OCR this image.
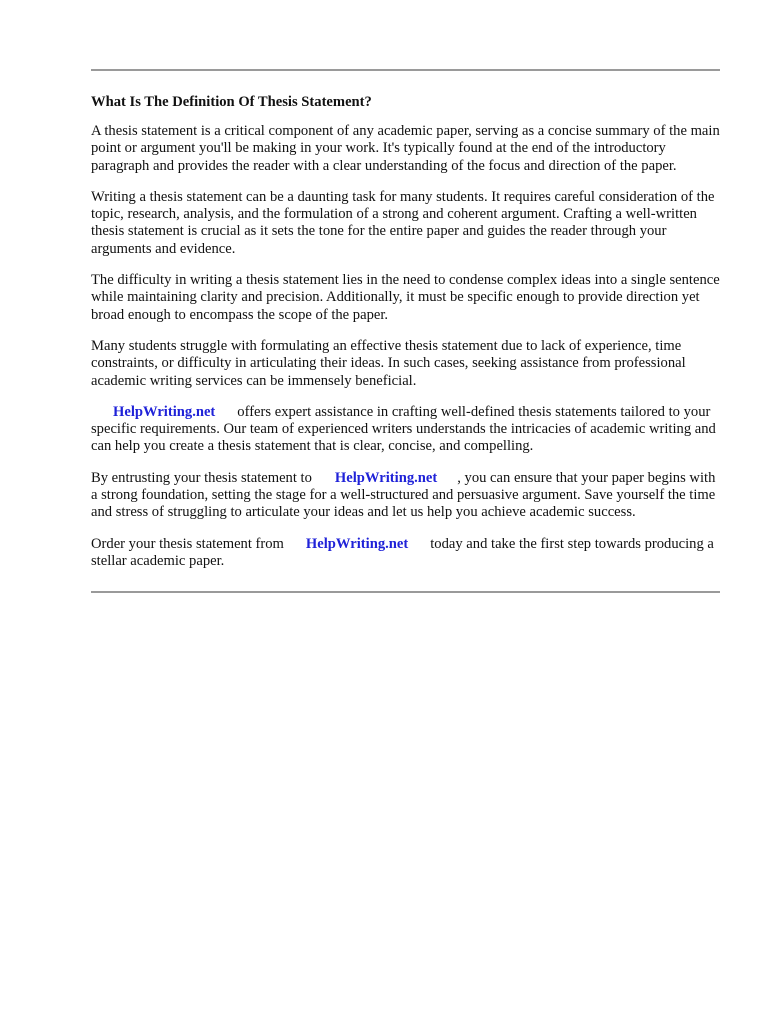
What Is The Definition Of Thesis Statement?

A thesis statement is a critical component of any academic paper, serving as a concise summary of the main point or argument you'll be making in your work. It's typically found at the end of the introductory paragraph and provides the reader with a clear understanding of the focus and direction of the paper.

Writing a thesis statement can be a daunting task for many students. It requires careful consideration of the topic, research, analysis, and the formulation of a strong and coherent argument. Crafting a well-written thesis statement is crucial as it sets the tone for the entire paper and guides the reader through your arguments and evidence.

The difficulty in writing a thesis statement lies in the need to condense complex ideas into a single sentence while maintaining clarity and precision. Additionally, it must be specific enough to provide direction yet broad enough to encompass the scope of the paper.

Many students struggle with formulating an effective thesis statement due to lack of experience, time constraints, or difficulty in articulating their ideas. In such cases, seeking assistance from professional academic writing services can be immensely beneficial.

HelpWriting.net offers expert assistance in crafting well-defined thesis statements tailored to your specific requirements. Our team of experienced writers understands the intricacies of academic writing and can help you create a thesis statement that is clear, concise, and compelling.

By entrusting your thesis statement to HelpWriting.net , you can ensure that your paper begins with a strong foundation, setting the stage for a well-structured and persuasive argument. Save yourself the time and stress of struggling to articulate your ideas and let us help you achieve academic success.

Order your thesis statement from HelpWriting.net today and take the first step towards producing a stellar academic paper.
